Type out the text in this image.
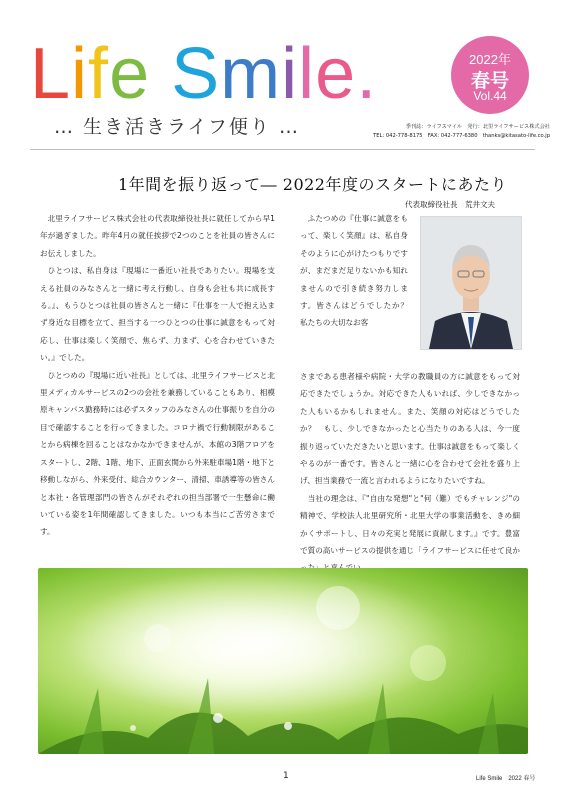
L i f e
S m i l e .
… 生き活きライフ便り …
2022年
春号
Vol.44
季刊誌：ライフスマイル　発行：北里ライフサービス株式会社
TEL: 042-778-8175　FAX: 042-777-6380　thanks@kitasato-life.co.jp
1年間を振り返って― 2022年度のスタートにあたり
代表取締役社長　荒井文夫

北里ライフサービス株式会社の代表取締役社長に就任してから早1年が過ぎました。昨年4月の就任挨拶で2つのことを社員の皆さんにお伝えしました。

ひとつは、私自身は『現場に一番近い社長でありたい。現場を支える社員のみなさんと一緒に考え行動し、自身も会社も共に成長する。』、もうひとつは社員の皆さんと一緒に『仕事を一人で抱え込まず身近な目標を立て、担当する一つひとつの仕事に誠意をもって対応し、仕事は楽しく笑顔で、焦らず、力まず、心を合わせていきたい。』でした。

ひとつめの『現場に近い社長』としては、北里ライフサービスと北里メディカルサービスの2つの会社を兼務していることもあり、相模原キャンパス勤務時には必ずスタッフのみなさんの仕事振りを自分の目で確認することを行ってきました。コロナ禍で行動制限があることから病棟を回ることはなかなかできませんが、本館の3階フロアをスタートし、2階、1階、地下、正面玄関から外来駐車場1階・地下と移動しながら、外来受付、総合カウンター、清掃、車誘導等の皆さんと本社・各管理部門の皆さんがそれぞれの担当部署で一生懸命に働いている姿を1年間確認してきました。いつも本当にご苦労さまです。

ふたつめの『仕事に誠意をもって、楽しく笑顔』は、私自身そのように心がけたつもりですが、まだまだ足りないかも知れませんので引き続き努力します。皆さんはどうでしたか？　私たちの大切なお客

さまである患者様や病院・大学の教職員の方に誠意をもって対応できたでしょうか。対応できた人もいれば、少しできなかった人もいるかもしれません。また、笑顔の対応はどうでしたか？　もし、少しできなかったと心当たりのある人は、今一度振り返っていただきたいと思います。仕事は誠意をもって楽しくやるのが一番です。皆さんと一緒に心を合わせて会社を盛り上げ、担当業務で一流と言われるようになりたいですね。

当社の理念は、『"自由な発想"と"何（難）でもチャレンジ"の精神で、学校法人北里研究所・北里大学の事業活動を、きめ細かくサポートし、日々の充実と発展に貢献します。』です。豊富で質の高いサービスの提供を通じ「ライフサービスに任せて良か

1	Life Smile　2022 春号
